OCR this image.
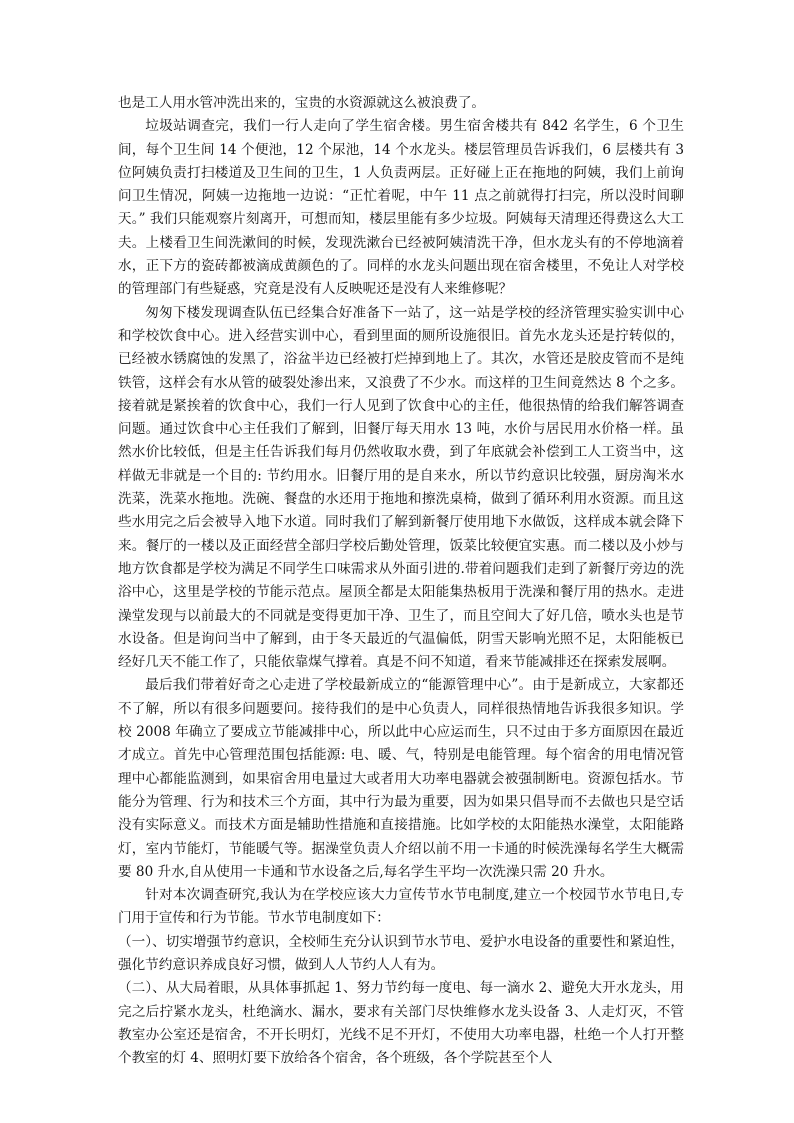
也是工人用水管冲洗出来的，宝贵的水资源就这么被浪费了。

垃圾站调查完，我们一行人走向了学生宿舍楼。男生宿舍楼共有 842 名学生，6 个卫生间，每个卫生间 14 个便池，12 个尿池，14 个水龙头。楼层管理员告诉我们，6 层楼共有 3 位阿姨负责打扫楼道及卫生间的卫生，1 人负责两层。正好碰上正在拖地的阿姨，我们上前询问卫生情况，阿姨一边拖地一边说：“正忙着呢，中午 11 点之前就得打扫完，所以没时间聊天。” 我们只能观察片刻离开，可想而知，楼层里能有多少垃圾。阿姨每天清理还得费这么大工夫。上楼看卫生间洗漱间的时候，发现洗漱台已经被阿姨清洗干净，但水龙头有的不停地滴着水，正下方的瓷砖都被滴成黄颜色的了。同样的水龙头问题出现在宿舍楼里，不免让人对学校的管理部门有些疑惑，究竟是没有人反映呢还是没有人来维修呢？

匆匆下楼发现调查队伍已经集合好准备下一站了，这一站是学校的经济管理实验实训中心和学校饮食中心。进入经营实训中心，看到里面的厕所设施很旧。首先水龙头还是拧转似的，已经被水锈腐蚀的发黑了，浴盆半边已经被打烂掉到地上了。其次，水管还是胶皮管而不是纯铁管，这样会有水从管的破裂处渗出来，又浪费了不少水。而这样的卫生间竟然达 8 个之多。接着就是紧挨着的饮食中心，我们一行人见到了饮食中心的主任，他很热情的给我们解答调查问题。通过饮食中心主任我们了解到，旧餐厅每天用水 13 吨，水价与居民用水价格一样。虽然水价比较低，但是主任告诉我们每月仍然收取水费，到了年底就会补偿到工人工资当中，这样做无非就是一个目的: 节约用水。旧餐厅用的是自来水，所以节约意识比较强，厨房淘米水洗菜，洗菜水拖地。洗碗、餐盘的水还用于拖地和擦洗桌椅，做到了循环利用水资源。而且这些水用完之后会被导入地下水道。同时我们了解到新餐厅使用地下水做饭，这样成本就会降下来。餐厅的一楼以及正面经营全部归学校后勤处管理，饭菜比较便宜实惠。而二楼以及小炒与地方饮食都是学校为满足不同学生口味需求从外面引进的.带着问题我们走到了新餐厅旁边的洗浴中心，这里是学校的节能示范点。屋顶全都是太阳能集热板用于洗澡和餐厅用的热水。走进澡堂发现与以前最大的不同就是变得更加干净、卫生了，而且空间大了好几倍，喷水头也是节水设备。但是询问当中了解到，由于冬天最近的气温偏低，阴雪天影响光照不足，太阳能板已经好几天不能工作了，只能依靠煤气撑着。真是不问不知道，看来节能减排还在探索发展啊。

最后我们带着好奇之心走进了学校最新成立的“能源管理中心”。由于是新成立，大家都还不了解，所以有很多问题要问。接待我们的是中心负责人，同样很热情地告诉我很多知识。学校 2008 年确立了要成立节能减排中心，所以此中心应运而生，只不过由于多方面原因在最近才成立。首先中心管理范围包括能源: 电、暖、气，特别是电能管理。每个宿舍的用电情况管理中心都能监测到，如果宿舍用电量过大或者用大功率电器就会被强制断电。资源包括水。节能分为管理、行为和技术三个方面，其中行为最为重要，因为如果只倡导而不去做也只是空话没有实际意义。而技术方面是辅助性措施和直接措施。比如学校的太阳能热水澡堂，太阳能路灯，室内节能灯，节能暖气等。据澡堂负责人介绍以前不用一卡通的时候洗澡每名学生大概需要 80 升水,自从使用一卡通和节水设备之后,每名学生平均一次洗澡只需 20 升水。

针对本次调查研究,我认为在学校应该大力宣传节水节电制度,建立一个校园节水节电日,专门用于宣传和行为节能。节水节电制度如下：

（一）、切实增强节约意识，全校师生充分认识到节水节电、爱护水电设备的重要性和紧迫性，强化节约意识养成良好习惯，做到人人节约人人有为。

（二）、从大局着眼，从具体事抓起 1、努力节约每一度电、每一滴水 2、避免大开水龙头，用完之后拧紧水龙头，杜绝滴水、漏水，要求有关部门尽快维修水龙头设备 3、人走灯灭，不管教室办公室还是宿舍，不开长明灯，光线不足不开灯，不使用大功率电器，杜绝一个人打开整个教室的灯 4、照明灯要下放给各个宿舍，各个班级，各个学院甚至个人
